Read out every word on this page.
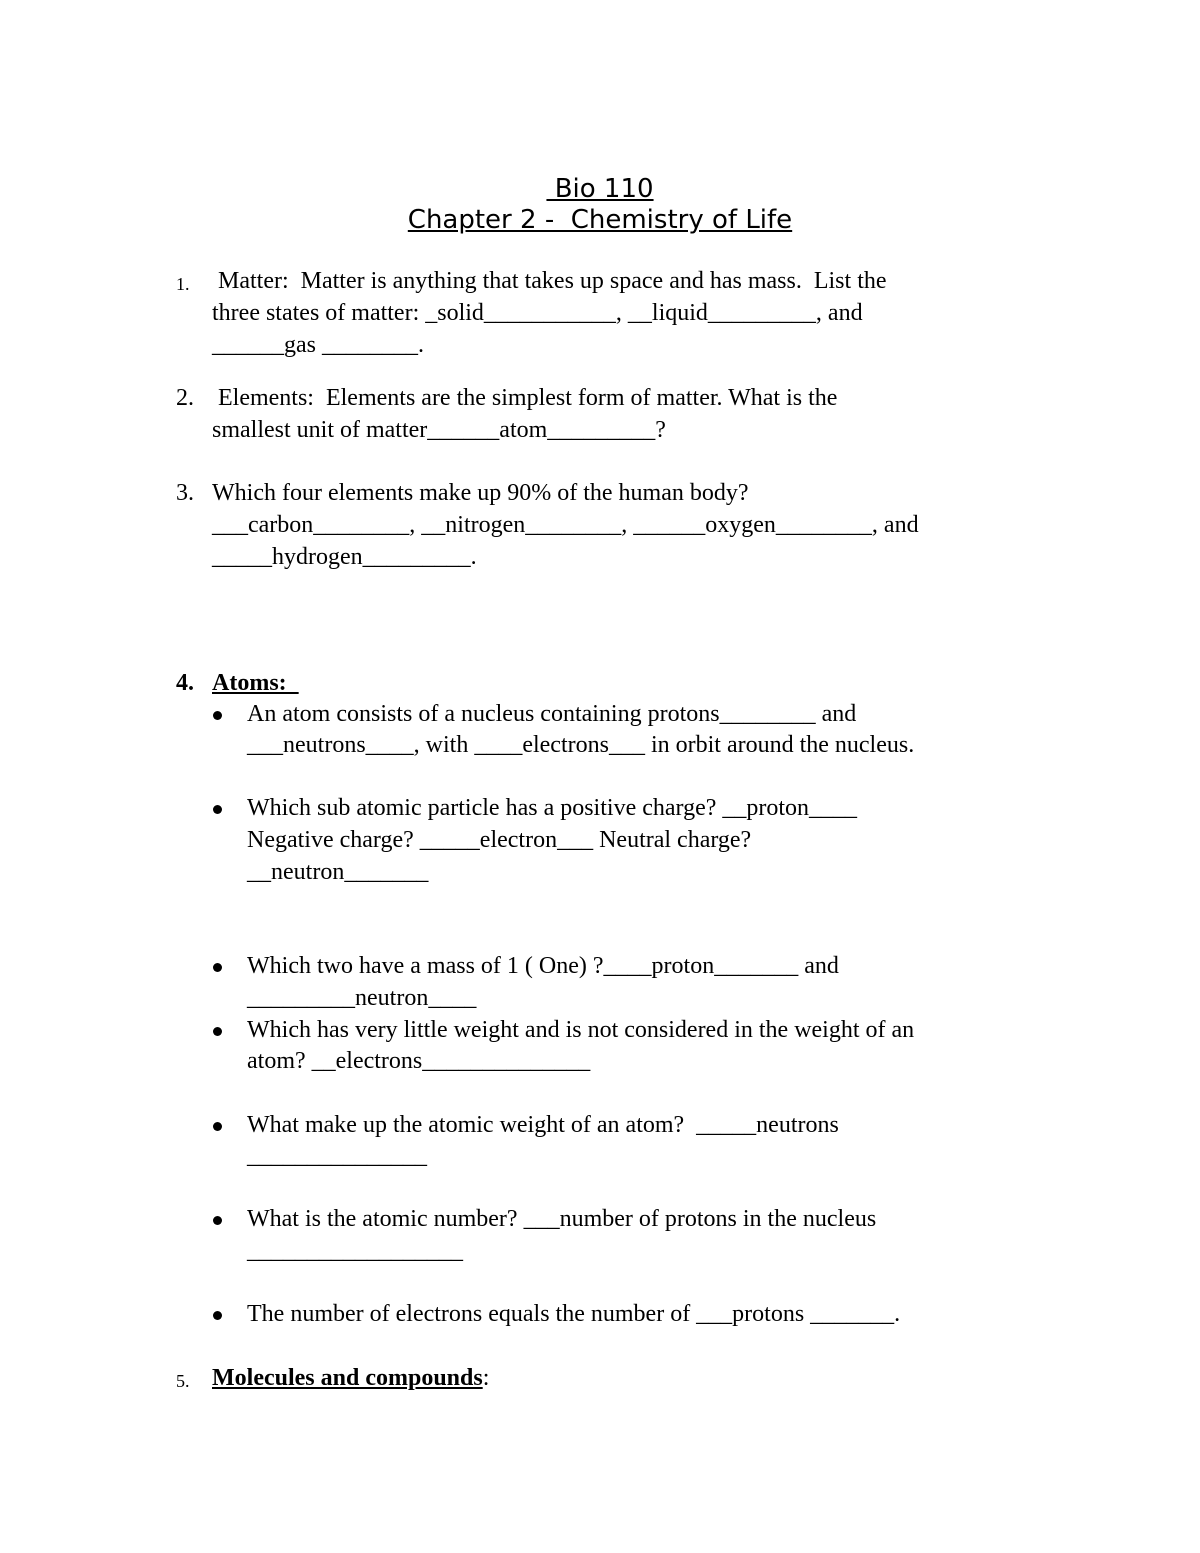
Bio 110
Chapter 2 -  Chemistry of Life
1. Matter:  Matter is anything that takes up space and has mass.  List the

three states of matter: _solid___________, __liquid_________, and

______gas ________.

2. Elements:  Elements are the simplest form of matter. What is the

smallest unit of matter______atom_________?

3. Which four elements make up 90% of the human body?

___carbon________, __nitrogen________, ______oxygen________, and

_____hydrogen_________.

4. Atoms:

An atom consists of a nucleus containing protons________ and

___neutrons____, with ____electrons___ in orbit around the nucleus.

Which sub atomic particle has a positive charge? __proton____

Negative charge? _____electron___ Neutral charge?

__neutron_______

Which two have a mass of 1 ( One) ?____proton_______ and

_________neutron____

Which has very little weight and is not considered in the weight of an

atom? __electrons______________

What make up the atomic weight of an atom?  _____neutrons

_______________

What is the atomic number? ___number of protons in the nucleus

__________________

The number of electrons equals the number of ___protons _______.

5. Molecules and compounds:
